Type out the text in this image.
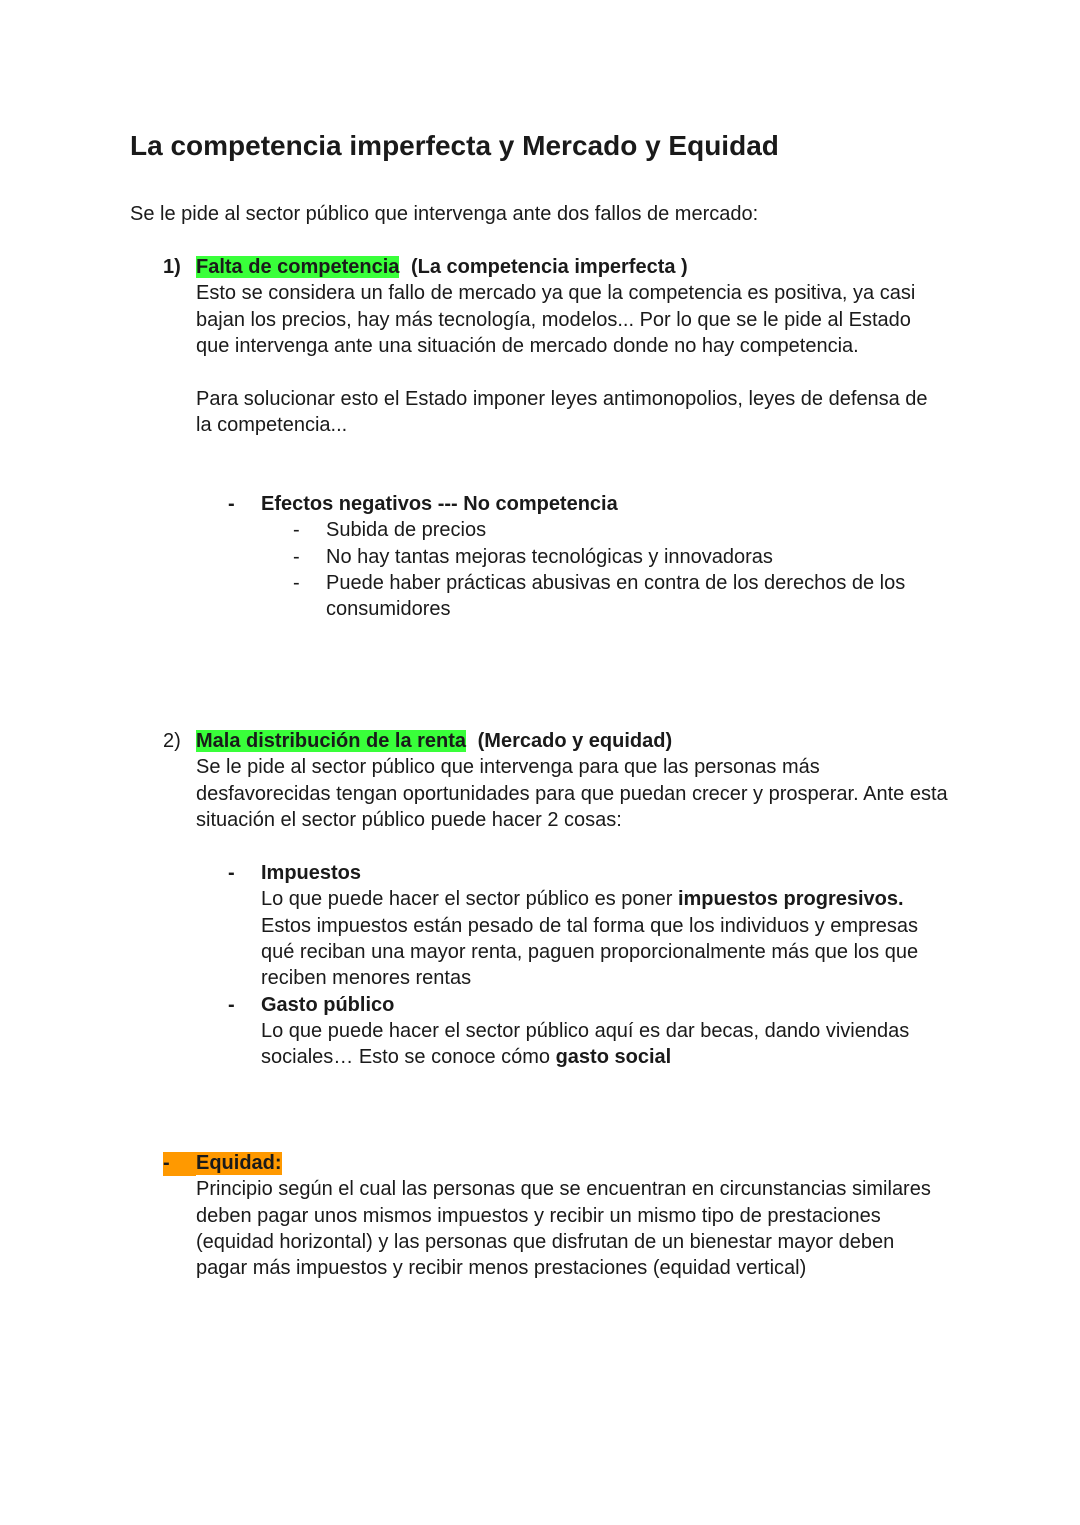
La competencia imperfecta y Mercado y Equidad
Se le pide al sector público que intervenga ante dos fallos de mercado:
1) Falta de competencia (La competencia imperfecta )
Esto se considera un fallo de mercado ya que la competencia es positiva, ya casi
bajan los precios, hay más tecnología, modelos... Por lo que se le pide al Estado
que intervenga ante una situación de mercado donde no hay competencia.
Para solucionar esto el Estado imponer leyes antimonopolios, leyes de defensa de
la competencia...
- Efectos negativos --- No competencia
- Subida de precios
- No hay tantas mejoras tecnológicas y innovadoras
- Puede haber prácticas abusivas en contra de los derechos de los
consumidores
2) Mala distribución de la renta (Mercado y equidad)
Se le pide al sector público que intervenga para que las personas más
desfavorecidas tengan oportunidades para que puedan crecer y prosperar. Ante esta
situación el sector público puede hacer 2 cosas:
- Impuestos
Lo que puede hacer el sector público es poner impuestos progresivos.
Estos impuestos están pesado de tal forma que los individuos y empresas
qué reciban una mayor renta, paguen proporcionalmente más que los que
reciben menores rentas
- Gasto público
Lo que puede hacer el sector público aquí es dar becas, dando viviendas
sociales… Esto se conoce cómo gasto social
-	Equidad:
Principio según el cual las personas que se encuentran en circunstancias similares
deben pagar unos mismos impuestos y recibir un mismo tipo de prestaciones
(equidad horizontal) y las personas que disfrutan de un bienestar mayor deben
pagar más impuestos y recibir menos prestaciones (equidad vertical)
